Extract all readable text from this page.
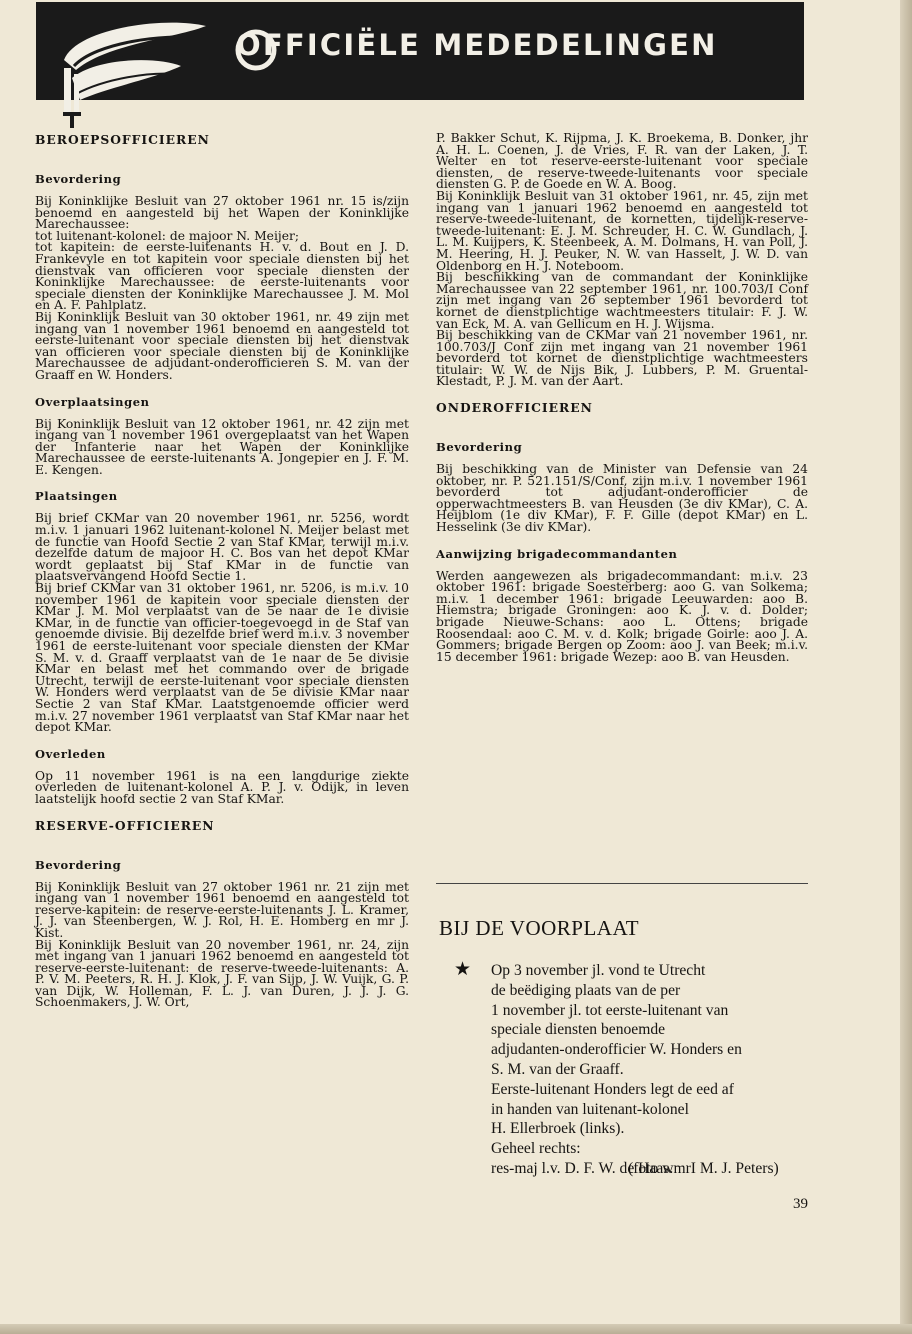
OFFICIËLE MEDEDELINGEN
BEROEPSOFFICIEREN
Bevordering

Bij Koninklijke Besluit van 27 oktober 1961 nr. 15 is/zijn benoemd en aangesteld bij het Wapen der Koninklijke Marechaussee:

tot luitenant-kolonel: de majoor N. Meijer;

tot kapitein: de eerste-luitenants H. v. d. Bout en J. D. Frankevyle en tot kapitein voor speciale diensten bij het dienstvak van officieren voor speciale diensten der Koninklijke Marechaussee: de eerste-luitenants voor speciale diensten der Koninklijke Marechaussee J. M. Mol en A. F. Pahlplatz.

Bij Koninklijk Besluit van 30 oktober 1961, nr. 49 zijn met ingang van 1 november 1961 benoemd en aangesteld tot eerste-luitenant voor speciale diensten bij het dienstvak van officieren voor speciale diensten bij de Koninklijke Marechaussee de adjudant-onderofficieren S. M. van der Graaff en W. Honders.

Overplaatsingen

Bij Koninklijk Besluit van 12 oktober 1961, nr. 42 zijn met ingang van 1 november 1961 overgeplaatst van het Wapen der Infanterie naar het Wapen der Koninklijke Marechaussee de eerste-luitenants A. Jongepier en J. F. M. E. Kengen.

Plaatsingen

Bij brief CKMar van 20 november 1961, nr. 5256, wordt m.i.v. 1 januari 1962 luitenant-kolonel N. Meijer belast met de functie van Hoofd Sectie 2 van Staf KMar, terwijl m.i.v. dezelfde datum de majoor H. C. Bos van het depot KMar wordt geplaatst bij Staf KMar in de functie van plaatsvervangend Hoofd Sectie 1.

Bij brief CKMar van 31 oktober 1961, nr. 5206, is m.i.v. 10 november 1961 de kapitein voor speciale diensten der KMar J. M. Mol verplaatst van de 5e naar de 1e divisie KMar, in de functie van officier-toegevoegd in de Staf van genoemde divisie. Bij dezelfde brief werd m.i.v. 3 november 1961 de eerste-luitenant voor speciale diensten der KMar S. M. v. d. Graaff verplaatst van de 1e naar de 5e divisie KMar en belast met het commando over de brigade Utrecht, terwijl de eerste-luitenant voor speciale diensten W. Honders werd verplaatst van de 5e divisie KMar naar Sectie 2 van Staf KMar. Laatstgenoemde officier werd m.i.v. 27 november 1961 verplaatst van Staf KMar naar het depot KMar.

Overleden

Op 11 november 1961 is na een langdurige ziekte overleden de luitenant-kolonel A. P. J. v. Odijk, in leven laatstelijk hoofd sectie 2 van Staf KMar.

RESERVE-OFFICIEREN
Bevordering

Bij Koninklijk Besluit van 27 oktober 1961 nr. 21 zijn met ingang van 1 november 1961 benoemd en aangesteld tot reserve-kapitein: de reserve-eerste-luitenants J. L. Kramer, J. J. van Steenbergen, W. J. Rol, H. E. Homberg en mr J. Kist.

Bij Koninklijk Besluit van 20 november 1961, nr. 24, zijn met ingang van 1 januari 1962 benoemd en aangesteld tot reserve-eerste-luitenant: de reserve-tweede-luitenants: A. P. V. M. Peeters, R. H. J. Klok, J. F. van Sijp, J. W. Vuijk, G. P. van Dijk, W. Holleman, F. L. J. van Duren, J. J. J. G. Schoenmakers, J. W. Ort,

P. Bakker Schut, K. Rijpma, J. K. Broekema, B. Donker, jhr A. H. L. Coenen, J. de Vries, F. R. van der Laken, J. T. Welter en tot reserve-eerste-luitenant voor speciale diensten, de reserve-tweede-luitenants voor speciale diensten G. P. de Goede en W. A. Boog.

Bij Koninklijk Besluit van 31 oktober 1961, nr. 45, zijn met ingang van 1 januari 1962 benoemd en aangesteld tot reserve-tweede-luitenant, de kornetten, tijdelijk-reserve-tweede-luitenant: E. J. M. Schreuder, H. C. W. Gundlach, J. L. M. Kuijpers, K. Steenbeek, A. M. Dolmans, H. van Poll, J. M. Heering, H. J. Peuker, N. W. van Hasselt, J. W. D. van Oldenborg en H. J. Noteboom.

Bij beschikking van de commandant der Koninklijke Marechaussee van 22 september 1961, nr. 100.703/I Conf zijn met ingang van 26 september 1961 bevorderd tot kornet de dienstplichtige wachtmeesters titulair: F. J. W. van Eck, M. A. van Gellicum en H. J. Wijsma.

Bij beschikking van de CKMar van 21 november 1961, nr. 100.703/J Conf zijn met ingang van 21 november 1961 bevorderd tot kornet de dienstplichtige wachtmeesters titulair: W. W. de Nijs Bik, J. Lubbers, P. M. Gruental-Klestadt, P. J. M. van der Aart.

ONDEROFFICIEREN
Bevordering

Bij beschikking van de Minister van Defensie van 24 oktober, nr. P. 521.151/S/Conf, zijn m.i.v. 1 november 1961 bevorderd tot adjudant-onderofficier de opperwachtmeesters B. van Heusden (3e div KMar), C. A. Heijblom (1e div KMar), F. F. Gille (depot KMar) en L. Hesselink (3e div KMar).

Aanwijzing brigadecommandanten

Werden aangewezen als brigadecommandant: m.i.v. 23 oktober 1961: brigade Soesterberg: aoo G. van Solkema; m.i.v. 1 december 1961: brigade Leeuwarden: aoo B. Hiemstra; brigade Groningen: aoo K. J. v. d. Dolder; brigade Nieuwe-Schans: aoo L. Ottens; brigade Roosendaal: aoo C. M. v. d. Kolk; brigade Goirle: aoo J. A. Gommers; brigade Bergen op Zoom: aoo J. van Beek; m.i.v. 15 december 1961: brigade Wezep: aoo B. van Heusden.

BIJ DE VOORPLAAT
★ Op 3 november jl. vond te Utrecht

de beëdiging plaats van de per

1 november jl. tot eerste-luitenant van

speciale diensten benoemde

adjudanten-onderofficier W. Honders en

S. M. van der Graaff.

Eerste-luitenant Honders legt de eed af

in handen van luitenant-kolonel

H. Ellerbroek (links).

Geheel rechts:

res-maj l.v. D. F. W. de Haas.

(foto wmrI M. J. Peters)
39
